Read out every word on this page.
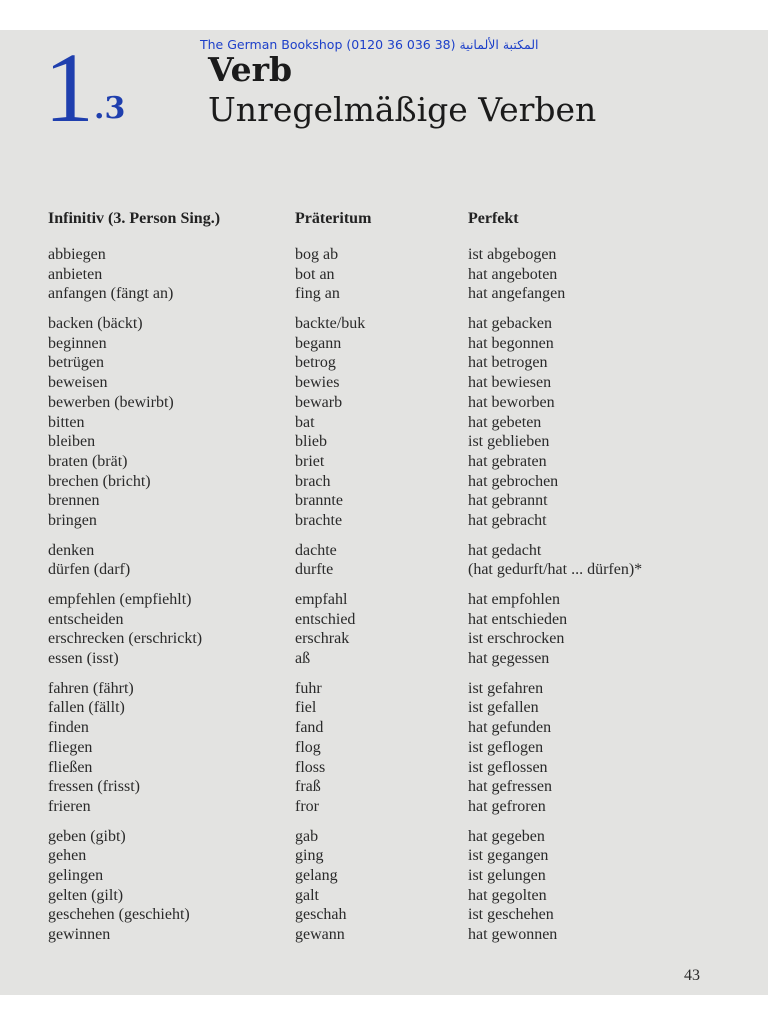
The German Bookshop (0120 36 036 38) المكتبة الألمانية
1 .3
Verb
Unregelmäßige Verben
Infinitiv (3. Person Sing.)	Präteritum	Perfekt
abbiegen	bog ab	ist abgebogen
anbieten	bot an	hat angeboten
anfangen (fängt an)	fing an	hat angefangen
backen (bäckt)	backte/buk	hat gebacken
beginnen	begann	hat begonnen
betrügen	betrog	hat betrogen
beweisen	bewies	hat bewiesen
bewerben (bewirbt)	bewarb	hat beworben
bitten	bat	hat gebeten
bleiben	blieb	ist geblieben
braten (brät)	briet	hat gebraten
brechen (bricht)	brach	hat gebrochen
brennen	brannte	hat gebrannt
bringen	brachte	hat gebracht
denken	dachte	hat gedacht
dürfen (darf)	durfte	(hat gedurft/hat ... dürfen)*
empfehlen (empfiehlt)	empfahl	hat empfohlen
entscheiden	entschied	hat entschieden
erschrecken (erschrickt)	erschrak	ist erschrocken
essen (isst)	aß	hat gegessen
fahren (fährt)	fuhr	ist gefahren
fallen (fällt)	fiel	ist gefallen
finden	fand	hat gefunden
fliegen	flog	ist geflogen
fließen	floss	ist geflossen
fressen (frisst)	fraß	hat gefressen
frieren	fror	hat gefroren
geben (gibt)	gab	hat gegeben
gehen	ging	ist gegangen
gelingen	gelang	ist gelungen
gelten (gilt)	galt	hat gegolten
geschehen (geschieht)	geschah	ist geschehen
gewinnen	gewann	hat gewonnen
43
